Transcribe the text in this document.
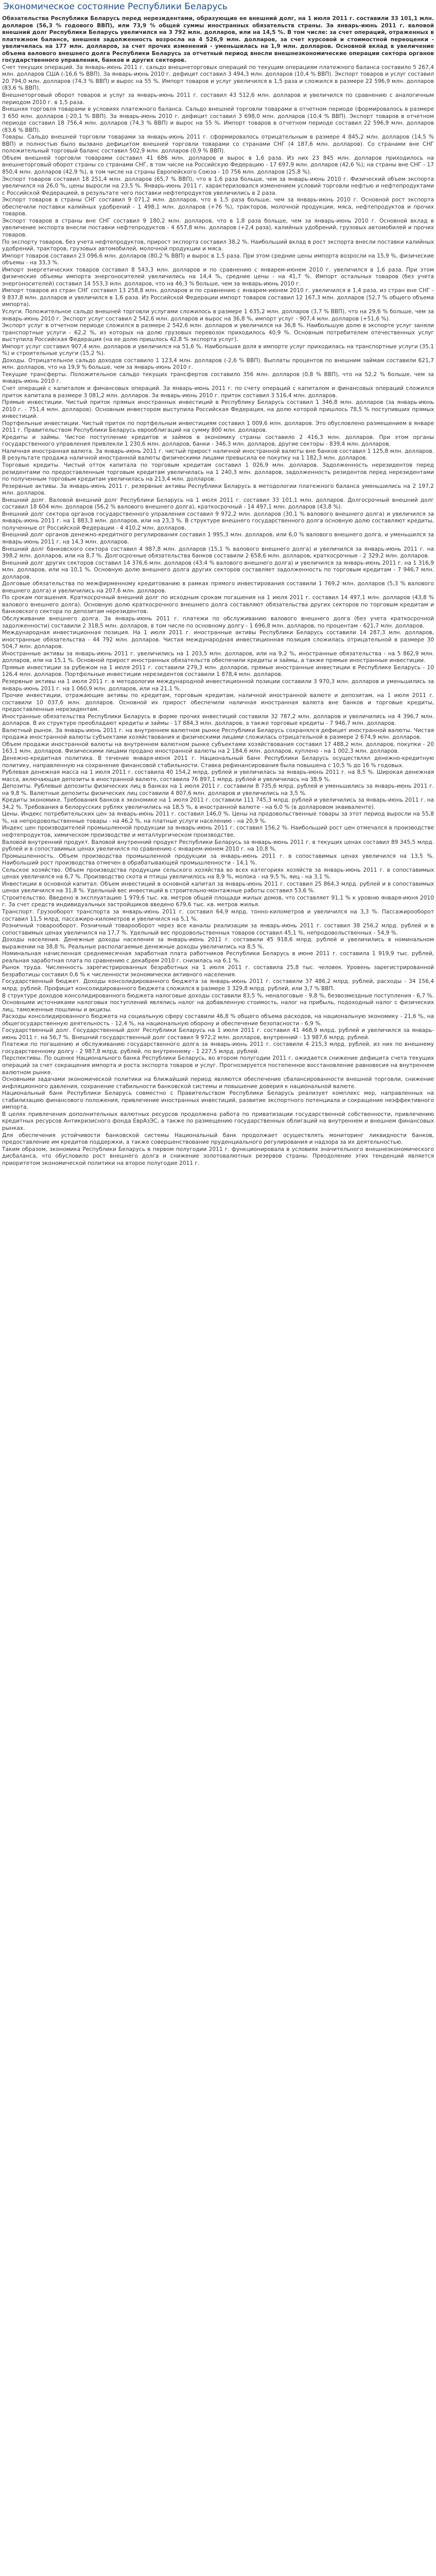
Экономическое состояние Республики Беларусь

Обязательства Республики Беларусь перед нерезидентами, образующие ее внешний долг, на 1 июля 2011 г. составили 33 101,1 млн. долларов (56,3 % годового ВВП), или 73,9 % общей суммы иностранных обязательств страны. За январь-июнь 2011 г. валовой внешний долг Республики Беларусь увеличился на 3 792 млн. долларов, или на 14,5 %. В том числе: за счет операций, отраженных в платежном балансе, внешняя задолженность возросла на 4 526,9 млн. долларов, за счет курсовой и стоимостной переоценки - увеличилась на 177 млн. долларов, за счет прочих изменений - уменьшилась на 1,9 млн. долларов. Основной вклад в увеличение объема валового внешнего долга Республики Беларусь за отчетный период внесли внешнеэкономические операции сектора органов государственного управления, банков и других секторов.

Счет текущих операций. За январь-июнь 2011 г. сальдо внешнеторговых операций по текущим операциям платежного баланса составило 5 267,4 млн. долларов США (-16,6 % ВВП). За январь-июнь 2010 г. дефицит составил 3 494,3 млн. долларов (10,4 % ВВП). Экспорт товаров и услуг составил 20 794,0 млн. долларов (74,3 % ВВП) и вырос на 55 %. Импорт товаров и услуг увеличился в 1,5 раза и сложился в размере 22 596,9 млн. долларов (83,6 % ВВП).

Внешнеторговый оборот товаров и услуг за январь-июнь 2011 г. составил 43 512,6 млн. долларов и увеличился по сравнению с аналогичным периодом 2010 г. в 1,5 раза.

Внешняя торговля товарами в условиях платежного баланса. Сальдо внешней торговли товарами в отчетном периоде (формировалось в размере 3 650 млн. долларов (-20,1 % ВВП). За январь-июнь 2010 г. дефицит составил 3 698,0 млн. долларов (10,4 % ВВП). Экспорт товаров в отчетном периоде составил 18 756,4 млн. долларов (74,3 % ВВП) и вырос на 55 %. Импорт товаров в отчетном периоде составил 22 596,9 млн. долларов (83,6 % ВВП).

Товары. Сальдо внешней торговли товарами за январь-июнь 2011 г. сформировалось отрицательным в размере 4 845,2 млн. долларов (14,5 % ВВП) и полностью было вызвано дефицитом внешней торговли товарами со странами СНГ (4 187,6 млн. долларов). Со странами вне СНГ положительный торговый баланс составил 502,9 млн. долларов (0,9 % ВВП).

Объем внешней торговли товарами составил 41 686 млн. долларов и вырос в 1,6 раза. Из них 23 845 млн. долларов приходилось на внешнеторговый оборот страны со странами СНГ, в том числе на Российскую Федерацию - 17 697,9 млн. долларов (42,6 %); на страны вне СНГ - 17 850,4 млн. долларов (42,9 %), в том числе на страны Европейского Союза - 10 756 млн. долларов (25,8 %).

Экспорт товаров составил 18 251,4 млн. долларов (65,7 % ВВП), что в 1,6 раза больше, чем за январь-июнь 2010 г. Физический объем экспорта увеличился на 26,0 %, цены выросли на 23,5 %. Январь-июнь 2011 г. характеризовался изменением условий торговли нефтью и нефтепродуктами с Российской Федерацией, в результате чего поставки нефтепродуктов увеличились в 2 раза.

Экспорт товаров в страны СНГ составил 9 071,2 млн. долларов, что в 1,5 раза больше, чем за январь-июнь 2010 г. Основной рост экспорта обеспечили поставки калийных удобрений - 1 498,1 млн. долларов (+76 %), тракторов, молочной продукции, мяса, нефтепродуктов и прочих товаров.

Экспорт товаров в страны вне СНГ составил 9 180,2 млн. долларов, что в 1,8 раза больше, чем за январь-июнь 2010 г. Основной вклад в увеличение экспорта внесли поставки нефтепродуктов - 4 657,8 млн. долларов (+2,4 раза), калийных удобрений, грузовых автомобилей и прочих товаров.

По экспорту товаров, без учета нефтепродуктов, прирост экспорта составил 38,2 %. Наибольший вклад в рост экспорта внесли поставки калийных удобрений, тракторов, грузовых автомобилей, молочной продукции и мяса.

Импорт товаров составил 23 096,6 млн. долларов (80,2 % ВВП) и вырос в 1,5 раза. При этом средние цены импорта возросли на 15,9 %, физические объемы - на 33,3 %.

Импорт энергетических товаров составил 8 543,3 млн. долларов и по сравнению с январем-июнем 2010 г. увеличился в 1,6 раза. При этом физические объемы импорта энергоносителей увеличились на 14,4 %, средние цены - на 41,7 %. Импорт остальных товаров (без учета энергоносителей) составил 14 553,3 млн. долларов, что на 46,3 % больше, чем за январь-июнь 2010 г.

Импорт товаров из стран СНГ составил 13 258,8 млн. долларов и по сравнению с январем-июнем 2010 г. увеличился в 1,4 раза, из стран вне СНГ - 9 837,8 млн. долларов и увеличился в 1,6 раза. Из Российской Федерации импорт товаров составил 12 167,3 млн. долларов (52,7 % общего объема импорта).

Услуги. Положительное сальдо внешней торговли услугами сложилось в размере 1 635,2 млн. долларов (3,7 % ВВП), что на 29,6 % больше, чем за январь-июнь 2010 г. Экспорт услуг составил 2 542,6 млн. долларов и вырос на 36,8 %, импорт услуг - 907,4 млн. долларов (+51,6 %).

Экспорт услуг в отчетном периоде сложился в размере 2 542,6 млн. долларов и увеличился на 36,8 %. Наибольшую долю в экспорте услуг заняли транспортные услуги - 62,2 %, из которых на долю грузовых перевозок приходилось 40,9 %. Основным потребителем отечественных услуг выступила Российская Федерация (на ее долю пришлось 42,8 % экспорта услуг).

Импорт услуг составил 907,4 млн. долларов и увеличился на 51,6 %. Наибольшая доля в импорте услуг приходилась на транспортные услуги (35,1 %) и строительные услуги (15,2 %).

Доходы. Отрицательное сальдо доходов составило 1 123,4 млн. долларов (-2,6 % ВВП). Выплаты процентов по внешним займам составили 621,7 млн. долларов, что на 19,9 % больше, чем за январь-июнь 2010 г.

Текущие трансферты. Положительное сальдо текущих трансфертов составило 356 млн. долларов (0,8 % ВВП), что на 52,2 % больше, чем за январь-июнь 2010 г.

Счет операций с капиталом и финансовых операций. За январь-июнь 2011 г. по счету операций с капиталом и финансовых операций сложился приток капитала в размере 3 081,2 млн. долларов. За январь-июнь 2010 г. приток составил 3 516,4 млн. долларов.

Прямые инвестиции. Чистый приток прямых иностранных инвестиций в Республику Беларусь составил 1 346,8 млн. долларов (за январь-июнь 2010 г. - 751,4 млн. долларов). Основным инвестором выступила Российская Федерация, на долю которой пришлось 78,5 % поступивших прямых инвестиций.

Портфельные инвестиции. Чистый приток по портфельным инвестициям составил 1 009,6 млн. долларов. Это обусловлено размещением в январе 2011 г. Правительством Республики Беларусь еврооблигаций на сумму 800 млн. долларов.

Кредиты и займы. Чистое поступление кредитов и займов в экономику страны составило 2 416,3 млн. долларов. При этом органы государственного управления привлекли 1 230,6 млн. долларов, банки - 346,3 млн. долларов, другие секторы - 839,4 млн. долларов.

Наличная иностранная валюта. За январь-июнь 2011 г. чистый прирост наличной иностранной валюты вне банков составил 1 125,8 млн. долларов. В результате продажа наличной иностранной валюты физическими лицами превысила ее покупку на 1 182,3 млн. долларов.

Торговые кредиты. Чистый отток капитала по торговым кредитам составил 1 026,9 млн. долларов. Задолженность нерезидентов перед резидентами по предоставленным торговым кредитам увеличилась на 1 240,3 млн. долларов, задолженность резидентов перед нерезидентами по полученным торговым кредитам увеличилась на 213,4 млн. долларов.

Резервные активы. За январь-июнь 2011 г. резервные активы Республики Беларусь в методологии платежного баланса уменьшились на 2 197,2 млн. долларов.

Внешний долг. Валовой внешний долг Республики Беларусь на 1 июля 2011 г. составил 33 101,1 млн. долларов. Долгосрочный внешний долг составил 18 604 млн. долларов (56,2 % валового внешнего долга), краткосрочный - 14 497,1 млн. долларов (43,8 %).

Внешний долг сектора органов государственного управления составил 9 972,2 млн. долларов (30,1 % валового внешнего долга) и увеличился за январь-июнь 2011 г. на 1 883,3 млн. долларов, или на 23,3 %. В структуре внешнего государственного долга основную долю составляют кредиты, полученные от Российской Федерации - 4 410,2 млн. долларов.

Внешний долг органов денежно-кредитного регулирования составил 1 995,3 млн. долларов, или 6,0 % валового внешнего долга, и уменьшился за январь-июнь 2011 г. на 14,3 млн. долларов.

Внешний долг банковского сектора составил 4 987,8 млн. долларов (15,1 % валового внешнего долга) и увеличился за январь-июнь 2011 г. на 398,2 млн. долларов, или на 8,7 %. Долгосрочные обязательства банков составили 2 658,6 млн. долларов, краткосрочные - 2 329,2 млн. долларов.

Внешний долг других секторов составил 14 376,6 млн. долларов (43,4 % валового внешнего долга) и увеличился за январь-июнь 2011 г. на 1 316,9 млн. долларов, или на 10,1 %. Основную долю внешнего долга других секторов составляет задолженность по торговым кредитам - 7 946,7 млн. долларов.

Долговые обязательства по межфирменному кредитованию в рамках прямого инвестирования составили 1 769,2 млн. долларов (5,3 % валового внешнего долга) и увеличились на 207,6 млн. долларов.

По срокам погашения. Краткосрочный внешний долг по исходным срокам погашения на 1 июля 2011 г. составил 14 497,1 млн. долларов (43,8 % валового внешнего долга). Основную долю краткосрочного внешнего долга составляют обязательства других секторов по торговым кредитам и банковского сектора по депозитам нерезидентов.

Обслуживание внешнего долга. За январь-июнь 2011 г. платежи по обслуживанию валового внешнего долга (без учета краткосрочной задолженности) составили 2 318,5 млн. долларов, в том числе по основному долгу - 1 696,8 млн. долларов, по процентам - 621,7 млн. долларов.

Международная инвестиционная позиция. На 1 июля 2011 г. иностранные активы Республики Беларусь составили 14 287,3 млн. долларов, иностранные обязательства - 44 792 млн. долларов. Чистая международная инвестиционная позиция сложилась отрицательной в размере 30 504,7 млн. долларов.

Иностранные активы за январь-июнь 2011 г. увеличились на 1 203,5 млн. долларов, или на 9,2 %, иностранные обязательства - на 5 862,9 млн. долларов, или на 15,1 %. Основной прирост иностранных обязательств обеспечили кредиты и займы, а также прямые иностранные инвестиции.

Прямые инвестиции за рубежом на 1 июля 2011 г. составили 279,3 млн. долларов, прямые иностранные инвестиции в Республике Беларусь - 10 126,4 млн. долларов. Портфельные инвестиции нерезидентов составили 1 878,4 млн. долларов.

Резервные активы на 1 июля 2011 г. в методологии международной инвестиционной позиции составили 3 970,3 млн. долларов и уменьшились за январь-июнь 2011 г. на 1 060,9 млн. долларов, или на 21,1 %.

Прочие инвестиции, отражающие активы по кредитам, торговым кредитам, наличной иностранной валюте и депозитам, на 1 июля 2011 г. составили 10 037,6 млн. долларов. Основной их прирост обеспечили наличная иностранная валюта вне банков и торговые кредиты, предоставленные нерезидентам.

Иностранные обязательства Республики Беларусь в форме прочих инвестиций составили 32 787,2 млн. долларов и увеличились на 4 396,7 млн. долларов. В их структуре преобладают кредиты и займы - 17 884,3 млн. долларов, а также торговые кредиты - 7 946,7 млн. долларов.

Валютный рынок. За январь-июнь 2011 г. на внутреннем валютном рынке Республики Беларусь сохранялся дефицит иностранной валюты. Чистая продажа иностранной валюты субъектами хозяйствования и физическими лицами сложилась отрицательной в размере 2 674,9 млн. долларов.

Объем продажи иностранной валюты на внутреннем валютном рынке субъектами хозяйствования составил 17 488,2 млн. долларов, покупки - 20 163,1 млн. долларов. Физическими лицами продано иностранной валюты на 2 184,6 млн. долларов, куплено - на 1 002,3 млн. долларов.

Денежно-кредитная политика. В течение января-июня 2011 г. Национальный банк Республики Беларусь осуществлял денежно-кредитную политику, направленную на сохранение финансовой стабильности. Ставка рефинансирования была повышена с 10,5 % до 16 % годовых.

Рублевая денежная масса на 1 июля 2011 г. составила 40 154,2 млрд. рублей и увеличилась за январь-июнь 2011 г. на 8,5 %. Широкая денежная масса, включающая депозиты в иностранной валюте, составила 76 897,1 млрд. рублей и увеличилась на 38,9 %.

Депозиты. Рублевые депозиты физических лиц в банках на 1 июля 2011 г. составили 8 735,6 млрд. рублей и уменьшились за январь-июнь 2011 г. на 9,8 %. Валютные депозиты физических лиц составили 4 807,6 млн. долларов и увеличились на 3,5 %.

Кредиты экономике. Требования банков к экономике на 1 июля 2011 г. составили 111 745,3 млрд. рублей и увеличились за январь-июнь 2011 г. на 34,2 %. Требования в белорусских рублях увеличились на 18,5 %, в иностранной валюте - на 6,0 % (в долларовом эквиваленте).

Цены. Индекс потребительских цен за январь-июнь 2011 г. составил 146,0 %. Цены на продовольственные товары за этот период выросли на 55,8 %, на непродовольственные товары - на 46,2 %, на платные услуги населению - на 20,9 %.

Индекс цен производителей промышленной продукции за январь-июнь 2011 г. составил 156,2 %. Наибольший рост цен отмечался в производстве нефтепродуктов, химическом производстве и металлургическом производстве.

Валовой внутренний продукт. Валовой внутренний продукт Республики Беларусь за январь-июнь 2011 г. в текущих ценах составил 89 345,5 млрд. рублей и в сопоставимых ценах увеличился по сравнению с январем-июнем 2010 г. на 10,8 %.

Промышленность. Объем производства промышленной продукции за январь-июнь 2011 г. в сопоставимых ценах увеличился на 13,5 %. Наибольший рост производства отмечен в обрабатывающей промышленности - 14,1 %.

Сельское хозяйство. Объем производства продукции сельского хозяйства во всех категориях хозяйств за январь-июнь 2011 г. в сопоставимых ценах увеличился на 6,7 %. Производство скота и птицы увеличилось на 8,9 %, молока - на 9,5 %, яиц - на 3,1 %.

Инвестиции в основной капитал. Объем инвестиций в основной капитал за январь-июнь 2011 г. составил 25 864,3 млрд. рублей и в сопоставимых ценах увеличился на 31,8 %. Удельный вес инвестиций в строительно-монтажные работы составил 53,6 %.

Строительство. Введено в эксплуатацию 1 979,6 тыс. кв. метров общей площади жилых домов, что составляет 91,1 % к уровню января-июня 2010 г. За счет средств индивидуальных застройщиков введено 679,6 тыс. кв. метров жилья.

Транспорт. Грузооборот транспорта за январь-июнь 2011 г. составил 64,9 млрд. тонно-километров и увеличился на 3,3 %. Пассажирооборот составил 11,5 млрд. пассажиро-километров и увеличился на 5,1 %.

Розничный товарооборот. Розничный товарооборот через все каналы реализации за январь-июнь 2011 г. составил 38 256,2 млрд. рублей и в сопоставимых ценах увеличился на 17,7 %. Удельный вес продовольственных товаров составил 45,1 %, непродовольственных - 54,9 %.

Доходы населения. Денежные доходы населения за январь-июнь 2011 г. составили 45 918,6 млрд. рублей и увеличились в номинальном выражении на 38,8 %. Реальные располагаемые денежные доходы увеличились на 8,5 %.

Номинальная начисленная среднемесячная заработная плата работников Республики Беларусь в июне 2011 г. составила 1 919,9 тыс. рублей, реальная заработная плата по сравнению с декабрем 2010 г. снизилась на 6,1 %.

Рынок труда. Численность зарегистрированных безработных на 1 июля 2011 г. составила 25,8 тыс. человек. Уровень зарегистрированной безработицы составил 0,6 % к численности экономически активного населения.

Государственный бюджет. Доходы консолидированного бюджета за январь-июнь 2011 г. составили 37 486,2 млрд. рублей, расходы - 34 156,4 млрд. рублей. Профицит консолидированного бюджета сложился в размере 3 329,8 млрд. рублей, или 3,7 % ВВП.

В структуре доходов консолидированного бюджета налоговые доходы составили 83,5 %, неналоговые - 9,8 %, безвозмездные поступления - 6,7 %. Основными источниками налоговых поступлений являлись налог на добавленную стоимость, налог на прибыль, подоходный налог с физических лиц, таможенные пошлины и акцизы.

Расходы консолидированного бюджета на социальную сферу составили 46,8 % общего объема расходов, на национальную экономику - 21,6 %, на общегосударственную деятельность - 12,4 %, на национальную оборону и обеспечение безопасности - 6,9 %.

Государственный долг. Государственный долг Республики Беларусь на 1 июля 2011 г. составил 41 468,9 млрд. рублей и увеличился за январь-июнь 2011 г. на 56,7 %. Внешний государственный долг составил 9 972,2 млн. долларов, внутренний - 13 987,6 млрд. рублей.

Платежи по погашению и обслуживанию государственного долга за январь-июнь 2011 г. составили 4 215,3 млрд. рублей, из них по внешнему государственному долгу - 2 987,8 млрд. рублей, по внутреннему - 1 227,5 млрд. рублей.

Перспективы. По оценке Национального банка Республики Беларусь, во втором полугодии 2011 г. ожидается снижение дефицита счета текущих операций за счет сокращения импорта и роста экспорта товаров и услуг. Прогнозируется постепенное восстановление равновесия на внутреннем валютном рынке.

Основными задачами экономической политики на ближайший период являются обеспечение сбалансированности внешней торговли, снижение инфляционного давления, сохранение стабильности банковской системы и повышение доверия к национальной валюте.

Национальный банк Республики Беларусь совместно с Правительством Республики Беларусь реализует комплекс мер, направленных на стабилизацию финансового положения, привлечение иностранных инвестиций, развитие экспортного потенциала и сокращение неэффективного импорта.

В целях привлечения дополнительных валютных ресурсов продолжена работа по приватизации государственной собственности, привлечению кредитных ресурсов Антикризисного фонда ЕврАзЭС, а также по размещению государственных облигаций на внутреннем и внешнем финансовых рынках.

Для обеспечения устойчивости банковской системы Национальный банк продолжает осуществлять мониторинг ликвидности банков, предоставление им кредитов поддержки, а также совершенствование пруденциального регулирования и надзора за их деятельностью.

Таким образом, экономика Республики Беларусь в первом полугодии 2011 г. функционировала в условиях значительного внешнеэкономического дисбаланса, что обусловило рост внешнего долга и снижение золотовалютных резервов страны. Преодоление этих тенденций является приоритетом экономической политики на второе полугодие 2011 г.
